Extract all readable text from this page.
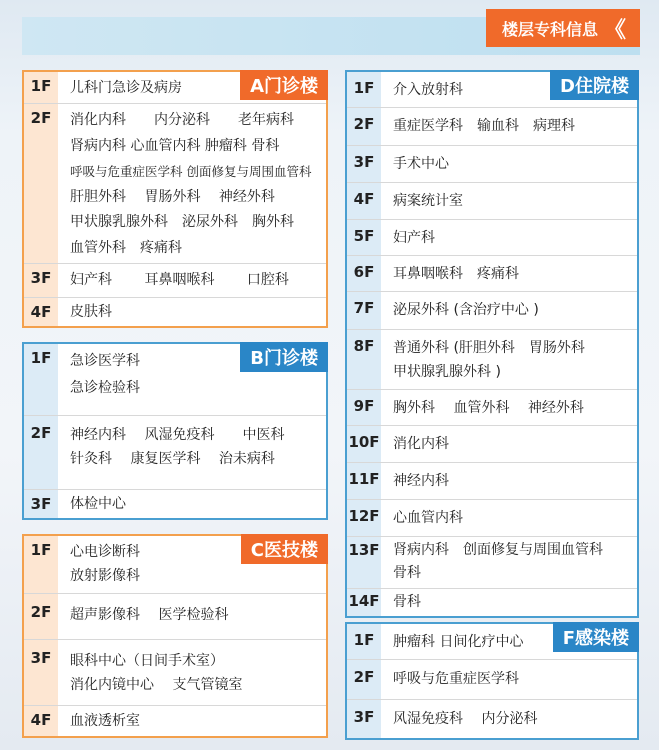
楼层专科信息 《
A门诊楼
1F	儿科门急诊及病房
2F	消化内科　　内分泌科　　老年病科
肾病内科 心血管内科 肿瘤科 骨科
呼吸与危重症医学科 创面修复与周围血管科
肝胆外科　 胃肠外科　 神经外科
甲状腺乳腺外科　泌尿外科　胸外科
血管外科　疼痛科
3F	妇产科　　 耳鼻咽喉科　　 口腔科
4F	皮肤科
B门诊楼
1F	急诊医学科
急诊检验科
2F	神经内科　 风湿免疫科　　中医科
针灸科　 康复医学科　 治未病科
3F	体检中心
C医技楼
1F	心电诊断科
放射影像科
2F	超声影像科　 医学检验科
3F	眼科中心（日间手术室）
消化内镜中心　 支气管镜室
4F	血液透析室
D住院楼
1F	介入放射科
2F	重症医学科　输血科　病理科
3F	手术中心
4F	病案统计室
5F	妇产科
6F	耳鼻咽喉科　疼痛科
7F	泌尿外科 (含治疗中心 )
8F	普通外科 (肝胆外科　胃肠外科
甲状腺乳腺外科 )
9F	胸外科　 血管外科　 神经外科
10F 消化内科
11F 神经内科
12F 心血管内科
13F 肾病内科　创面修复与周围血管科
骨科
14F 骨科
F感染楼
1F	肿瘤科 日间化疗中心
2F	呼吸与危重症医学科
3F	风湿免疫科　 内分泌科
